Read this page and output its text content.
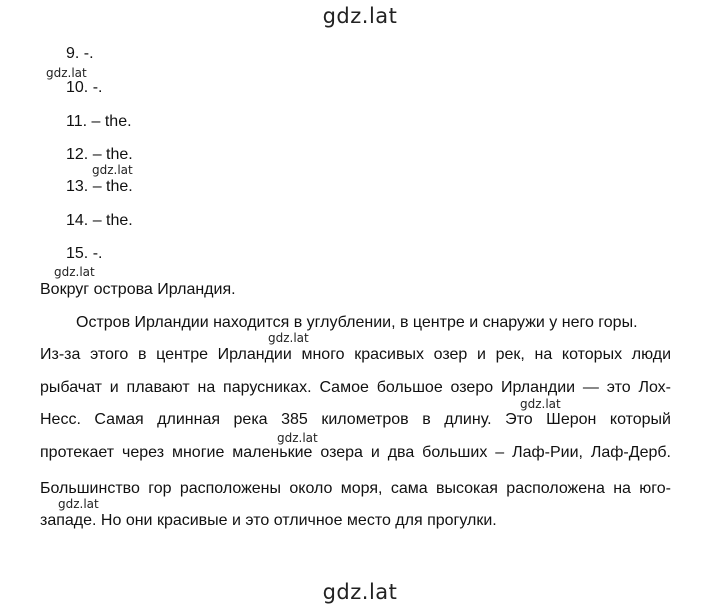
gdz.lat
9. -.
gdz.lat
10. -.
11. – the.
12. – the.
gdz.lat
13. – the.
14. – the.
15. -.
gdz.lat
Вокруг острова Ирландия.
Остров Ирландии находится в углублении, в центре и снаружи у него горы.
gdz.lat
Из-за этого в центре Ирландии много красивых озер и рек, на которых люди
рыбачат и плавают на парусниках. Самое большое озеро Ирландии — это Лох-
gdz.lat
Несс. Самая длинная река 385 километров в длину. Это Шерон который
gdz.lat
протекает через многие маленькие озера и два больших – Лаф-Рии, Лаф-Дерб.
Большинство гор расположены около моря, сама высокая расположена на юго-
gdz.lat
западе. Но они красивые и это отличное место для прогулки.
gdz.lat
